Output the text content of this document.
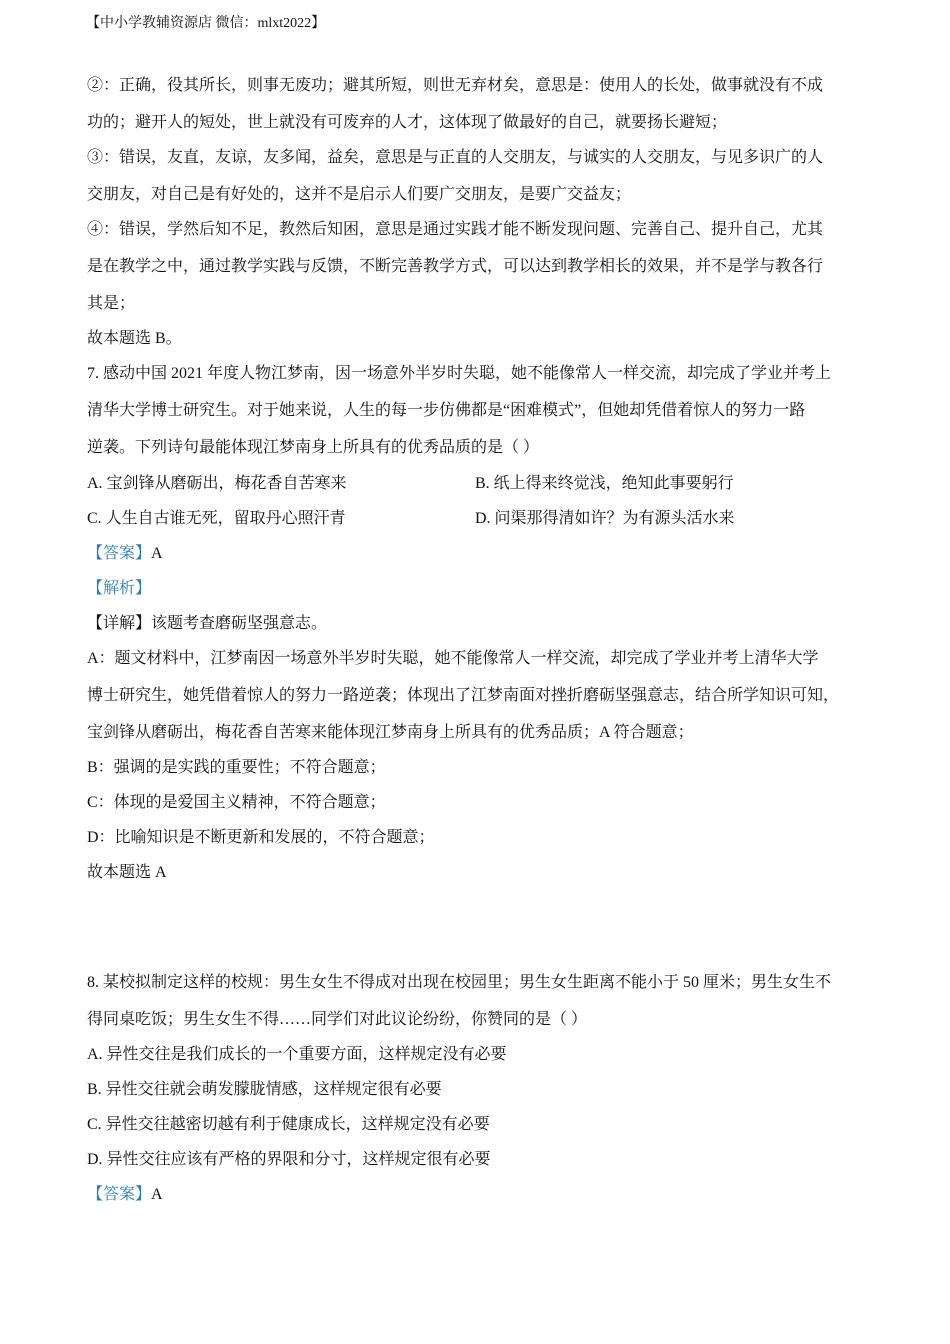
【中小学教辅资源店 微信：mlxt2022】
②：正确，役其所长，则事无废功；避其所短，则世无弃材矣，意思是：使用人的长处，做事就没有不成
功的；避开人的短处，世上就没有可废弃的人才，这体现了做最好的自己，就要扬长避短；
③：错误，友直，友谅，友多闻，益矣，意思是与正直的人交朋友，与诚实的人交朋友，与见多识广的人
交朋友，对自己是有好处的，这并不是启示人们要广交朋友，是要广交益友；
④：错误，学然后知不足，教然后知困，意思是通过实践才能不断发现问题、完善自己、提升自己，尤其
是在教学之中，通过教学实践与反馈，不断完善教学方式，可以达到教学相长的效果，并不是学与教各行
其是；
故本题选 B。
7. 感动中国 2021 年度人物江梦南，因一场意外半岁时失聪，她不能像常人一样交流，却完成了学业并考上
清华大学博士研究生。对于她来说，人生的每一步仿佛都是“困难模式”，但她却凭借着惊人的努力一路
逆袭。下列诗句最能体现江梦南身上所具有的优秀品质的是（ ）
A. 宝剑锋从磨砺出，梅花香自苦寒来	B. 纸上得来终觉浅，绝知此事要躬行
C. 人生自古谁无死，留取丹心照汗青	D. 问渠那得清如许？为有源头活水来
【答案】A
【解析】
【详解】该题考查磨砺坚强意志。
A：题文材料中，江梦南因一场意外半岁时失聪，她不能像常人一样交流，却完成了学业并考上清华大学
博士研究生，她凭借着惊人的努力一路逆袭；体现出了江梦南面对挫折磨砺坚强意志，结合所学知识可知，
宝剑锋从磨砺出，梅花香自苦寒来能体现江梦南身上所具有的优秀品质；A 符合题意；
B：强调的是实践的重要性；不符合题意；
C：体现的是爱国主义精神，不符合题意；
D：比喻知识是不断更新和发展的，不符合题意；
故本题选 A
8. 某校拟制定这样的校规：男生女生不得成对出现在校园里；男生女生距离不能小于 50 厘米；男生女生不
得同桌吃饭；男生女生不得……同学们对此议论纷纷，你赞同的是（ ）
A. 异性交往是我们成长的一个重要方面，这样规定没有必要
B. 异性交往就会萌发朦胧情感，这样规定很有必要
C. 异性交往越密切越有利于健康成长，这样规定没有必要
D. 异性交往应该有严格的界限和分寸，这样规定很有必要
【答案】A
